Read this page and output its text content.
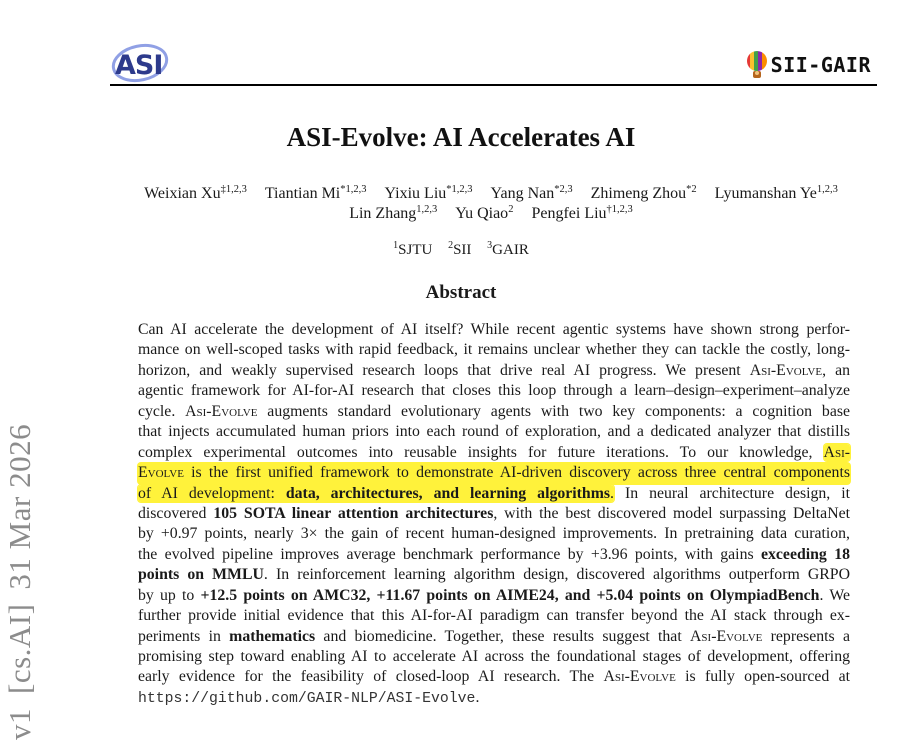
v1[cs.AI]31 Mar 2026
ASI	SII-GAIR
ASI-Evolve: AI Accelerates AI
Weixian Xu$^{\ddagger 1,2,3}$ Tiantian Mi$^{*1,2,3}$ Yixiu Liu$^{*1,2,3}$ Yang Nan$^{*2,3}$ Zhimeng Zhou$^{*2}$ Lyumanshan Ye$^{1,2,3}$
Lin Zhang$^{1,2,3}$ Yu Qiao$^2$ Pengfei Liu$^{\dagger 1,2,3}$
$^1$SJTU $^2$SII $^3$GAIR
Abstract
Can AI accelerate the development of AI itself? While recent agentic systems have shown strong perfor-
mance on well-scoped tasks with rapid feedback, it remains unclear whether they can tackle the costly, long-
horizon, and weakly supervised research loops that drive real AI progress. We present Asi-Evolve, an
agentic framework for AI-for-AI research that closes this loop through a learn–design–experiment–analyze
cycle. Asi-Evolve augments standard evolutionary agents with two key components: a cognition base
that injects accumulated human priors into each round of exploration, and a dedicated analyzer that distills
complex experimental outcomes into reusable insights for future iterations. To our knowledge, Asi-
Evolve is the first unified framework to demonstrate AI-driven discovery across three central components
of AI development: data, architectures, and learning algorithms. In neural architecture design, it
discovered 105 SOTA linear attention architectures, with the best discovered model surpassing DeltaNet
by +0.97 points, nearly 3× the gain of recent human-designed improvements. In pretraining data curation,
the evolved pipeline improves average benchmark performance by +3.96 points, with gains exceeding 18
points on MMLU. In reinforcement learning algorithm design, discovered algorithms outperform GRPO
by up to +12.5 points on AMC32, +11.67 points on AIME24, and +5.04 points on OlympiadBench. We
further provide initial evidence that this AI-for-AI paradigm can transfer beyond the AI stack through ex-
periments in mathematics and biomedicine. Together, these results suggest that Asi-Evolve represents a
promising step toward enabling AI to accelerate AI across the foundational stages of development, offering
early evidence for the feasibility of closed-loop AI research. The Asi-Evolve is fully open-sourced at
https://github.com/GAIR-NLP/ASI-Evolve.
